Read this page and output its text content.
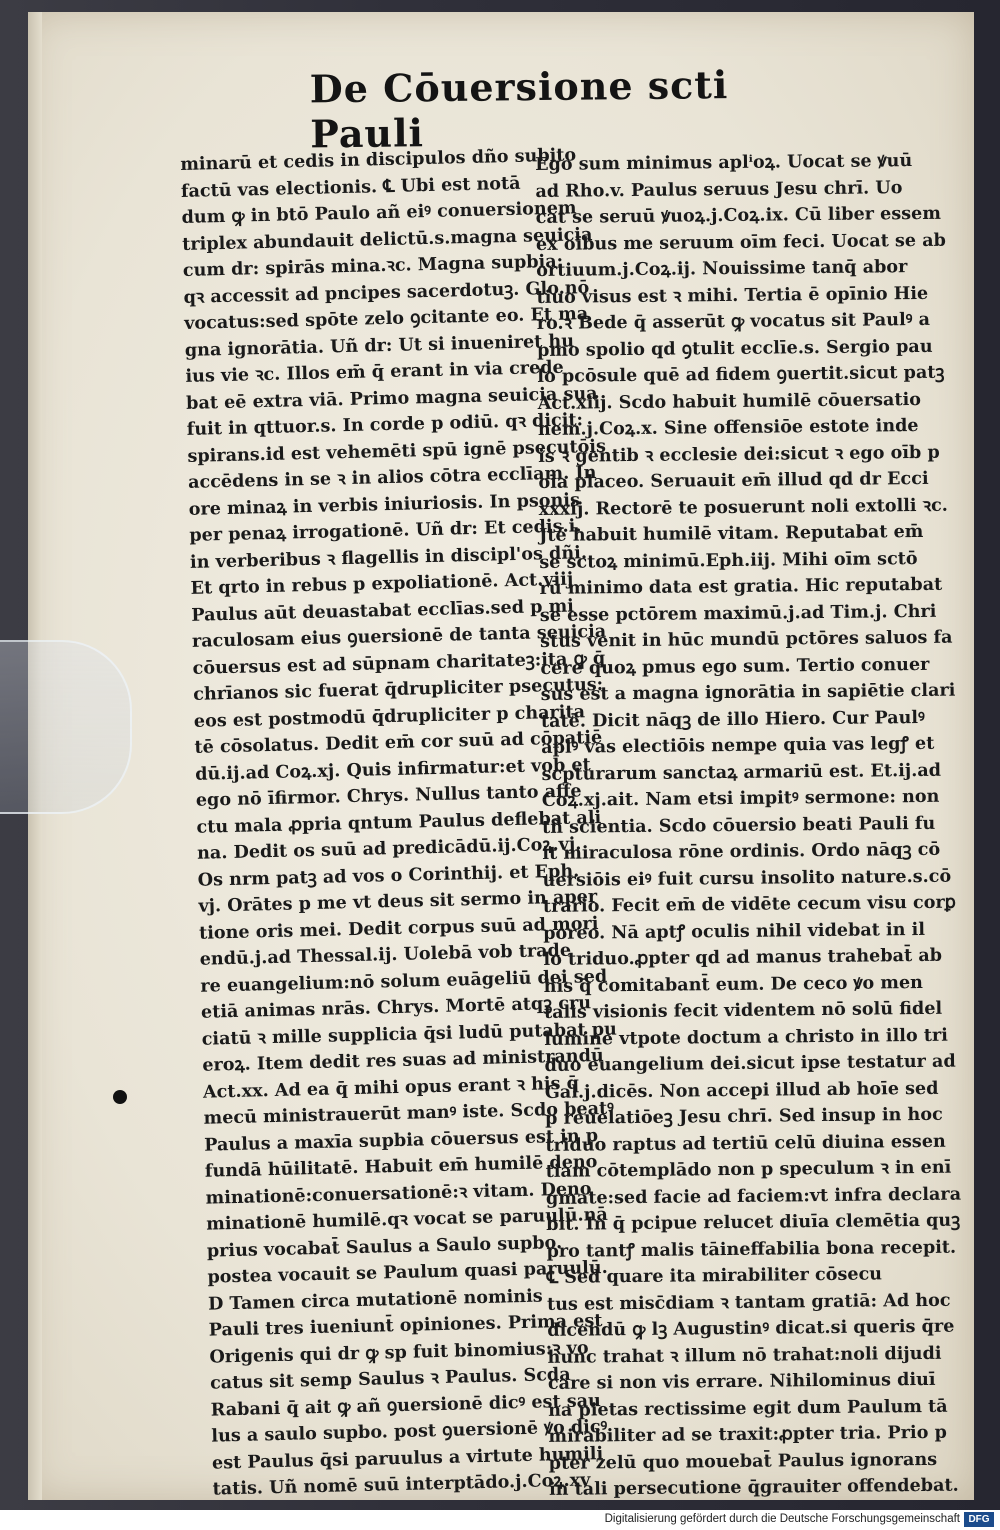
De Cōuersione scti Pauli
minarū et cedis in discipulos dño subito
factū vas electionis. ℄ Ubi est notā
dum ꝙ in btō Paulo añ eiꝰ conuersionem
triplex abundauit delictū.s.magna seuicia
cum dr: spirās mina.ꝛc. Magna supbia:
qꝛ accessit ad pncipes sacerdotuꝫ. Glo.nō
vocatus:sed spōte zelo ꝯcitante eo. Et ma
gna ignorātia. Uñ dr: Ut si inueniret hu
ius vie ꝛc. Illos em̄ q̄ erant in via crede
bat eē extra viā. Primo magna seuicia sua
fuit in qttuor.s. In corde p odiū. qꝛ dicit:
spirans.id est vehemēti spū ignē psecutōis
accēdens in se ꝛ in alios cōtra ecclīam. In
ore minaꝝ in verbis iniuriosis. In psonis
per penaꝝ irrogationē. Uñ dr: Et cedis.i.
in verberibus ꝛ flagellis in discipl'os dñi.
Et qrto in rebus p expoliationē. Act.viij
Paulus aūt deuastabat ecclīas.sed p mi
raculosam eius ꝯuersionē de tanta seuicia
cōuersus est ad sūpnam charitateꝫ:ita ꝙ q̄
chrīanos sic fuerat q̄drupliciter psecutus:
eos est postmodū q̄drupliciter p charita
tē cōsolatus. Dedit em̄ cor suū ad cōpatiē
dū.ij.ad Coꝝ.xj. Quis infirmatur:et vob et
ego nō īfirmor. Chrys. Nullus tanto affe
ctu mala ꝓpria qntum Paulus deflebat ali
na. Dedit os suū ad predicādū.ij.Coꝝ.vj.
Os nrm patꝫ ad vos o Corinthij. et Eph.
vj. Orātes p me vt deus sit sermo in aper
tione oris mei. Dedit corpus suū ad mori
endū.j.ad Thessal.ij. Uolebā vob trade
re euangelium:nō solum euāgeliū dei sed
etiā animas nrās. Chrys. Mortē atqꝫ cru
ciatū ꝛ mille supplicia q̄si ludū putabat pu
eroꝝ. Item dedit res suas ad ministrandū
Act.xx. Ad ea q̄ mihi opus erant ꝛ his q̄
mecū ministrauerūt manꝰ iste. Scdo beatꝰ
Paulus a maxīa supbia cōuersus est in p
fundā hūilitatē. Habuit em̄ humilē deno
minationē:conuersationē:ꝛ vitam. Deno
minationē humilē.qꝛ vocat se paruulū.nā
prius vocabat̄ Saulus a Saulo supbo.
postea vocauit se Paulum quasi paruulū.
D Tamen circa mutationē nominis
Pauli tres iueniunt̄ opiniones. Prima est
Origenis qui dr ꝙ sp fuit binomius:ꝛ vo
catus sit semp Saulus ꝛ Paulus. Scda
Rabani q̄ ait ꝙ añ ꝯuersionē dicꝰ est sau
lus a saulo supbo. post ꝯuersionē ꝟo dicꝰ
est Paulus q̄si paruulus a virtute humili
tatis. Uñ nomē suū interptādo.j.Coꝝ.xv
Ego sum minimus aplⁱoꝝ. Uocat se ꝟuū
ad Rho.v. Paulus seruus Jesu chrī. Uo
cat se seruū ꝟuoꝝ.j.Coꝝ.ix. Cū liber essem
ex oībus me seruum oīm feci. Uocat se ab
ortiuum.j.Coꝝ.ij. Nouissime tanq̄ abor
tiuo visus est ꝛ mihi. Tertia ē opīnio Hie
ro.ꝛ Bede q̄ asserūt ꝙ vocatus sit Paulꝰ a
pmo spolio qd ꝯtulit ecclīe.s. Sergio pau
lo pcōsule quē ad fidem ꝯuertit.sicut patꝫ
Act.xiij. Scdo habuit humilē cōuersatio
nem.j.Coꝝ.x. Sine offensiōe estote inde
is ꝛ gentib ꝛ ecclesie dei:sicut ꝛ ego oīb p
oīa placeo. Seruauit em̄ illud qd dr Ecci
xxxij. Rectorē te posuerunt noli extolli ꝛc.
Jtē habuit humilē vitam. Reputabat em̄
se sctoꝝ minimū.Eph.iij. Mihi oīm sctō
rū minimo data est gratia. Hic reputabat
se esse pctōrem maximū.j.ad Tim.j. Chri
stus venit in hūc mundū pctōres saluos fa
cere quoꝝ pmus ego sum. Tertio conuer
sus est a magna ignorātia in sapiētie clari
tatē. Dicit nāqꝫ de illo Hiero. Cur Paulꝰ
aplꝰ vas electiōis nempe quia vas legꝭ et
scpturarum sanctaꝝ armariū est. Et.ij.ad
Coꝝ.xj.ait. Nam etsi impitꝰ sermone: non
tñ scientia. Scdo cōuersio beati Pauli fu
it miraculosa rōne ordinis. Ordo nāqꝫ cō
uersiōis eiꝰ fuit cursu insolito nature.s.cō
trario. Fecit em̄ de vidēte cecum visu corꝑ
poreo. Nā aptꝭ oculis nihil videbat in il
lo triduo.ꝓpter qd ad manus trahebat̄ ab
his q̄ comitabant̄ eum. De ceco ꝟo men
talis visionis fecit videntem nō solū fidel
lumine vtpote doctum a christo in illo tri
duo euangelium dei.sicut ipse testatur ad
Gal.j.dicēs. Non accepi illud ab hoīe sed
p reuelatiōeꝫ Jesu chrī. Sed insup in hoc
triduo raptus ad tertiū celū diuina essen
tiam cōtemplādo non p speculum ꝛ in enī
gmate:sed facie ad faciem:vt infra declara
bit. In q̄ pcipue relucet diuīa clemētia quꝫ
pro tantꝭ malis tāineffabilia bona recepit.
℄ Sed quare ita mirabiliter cōsecu
tus est misc̄diam ꝛ tantam gratiā: Ad hoc
dicendū ꝙ lꝫ Augustinꝰ dicat.si queris q̄re
hunc trahat ꝛ illum nō trahat:noli dijudi
care si non vis errare. Nihilominus diuī
na pietas rectissime egit dum Paulum tā
mirabiliter ad se traxit:ꝓpter tria. Prio p
pter zelū quo mouebat̄ Paulus ignorans
in tali persecutione q̄grauiter offendebat.
Digitalisierung gefördert durch die Deutsche Forschungsgemeinschaft DFG
